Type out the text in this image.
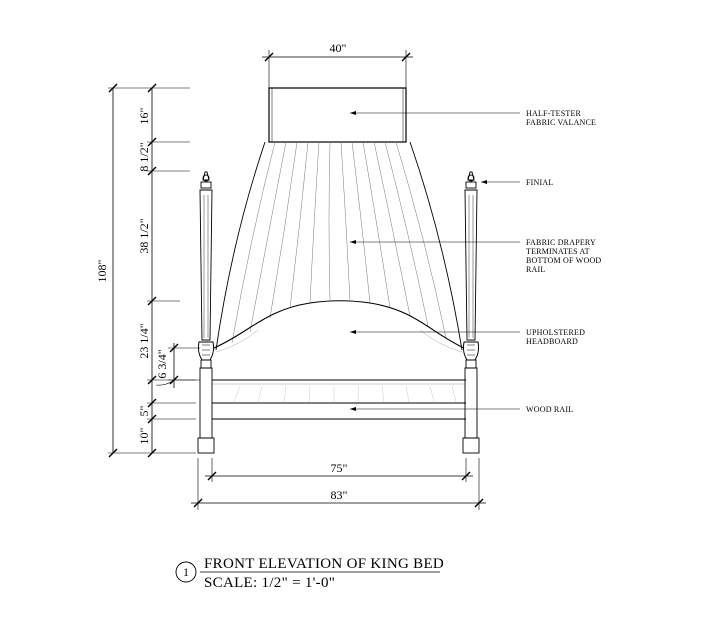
108"
16"
8 1/2"
38 1/2"
23 1/4"
5"
10"
6 3/4"
40"
75"
83"
HALF-TESTER
FABRIC VALANCE
FINIAL
FABRIC DRAPERY
TERMINATES AT
BOTTOM OF WOOD
RAIL
UPHOLSTERED
HEADBOARD
WOOD RAIL
1 FRONT ELEVATION OF KING BED
SCALE: 1/2" = 1'-0"
